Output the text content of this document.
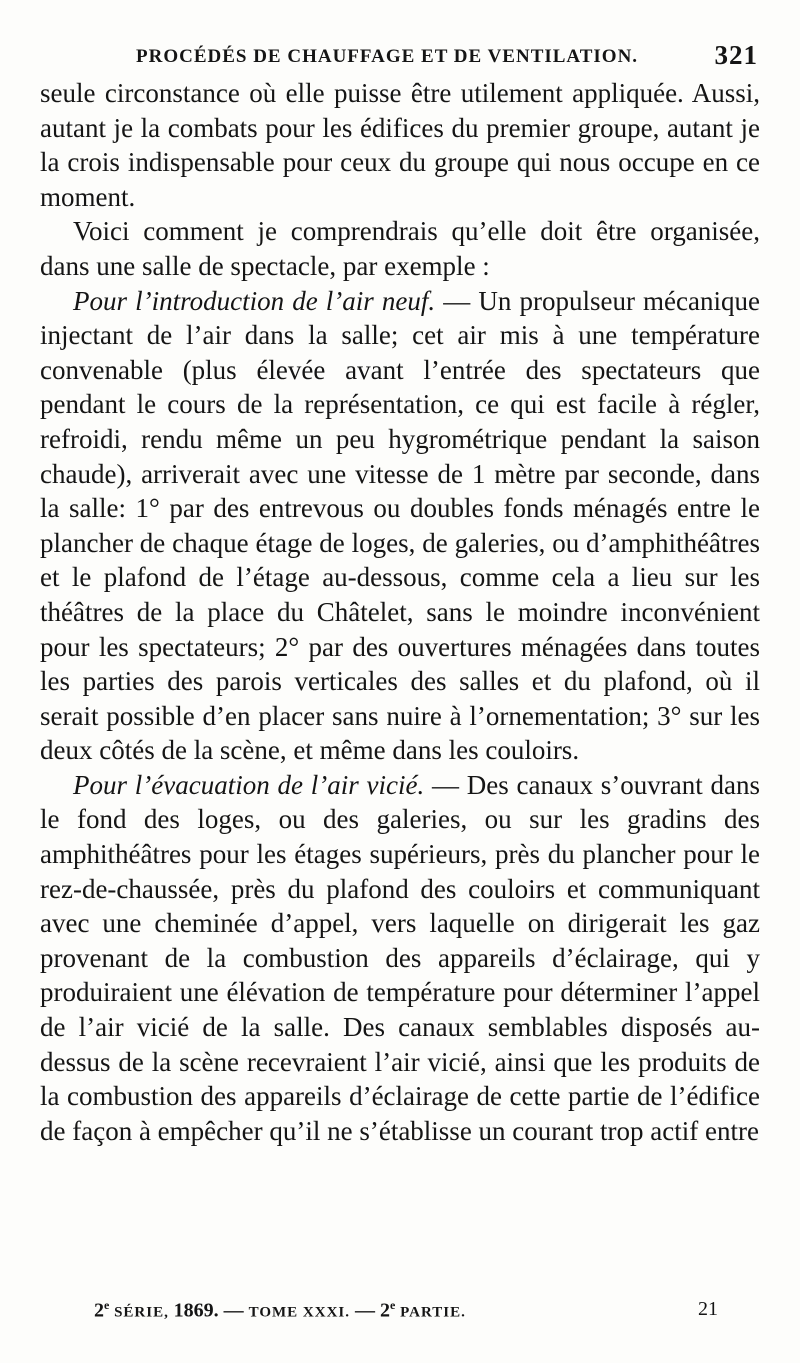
PROCÉDÉS DE CHAUFFAGE ET DE VENTILATION.	321

seule circonstance où elle puisse être utilement appliquée. Aussi, autant je la combats pour les édifices du premier groupe, autant je la crois indispensable pour ceux du groupe qui nous occupe en ce moment.

Voici comment je comprendrais qu’elle doit être organisée, dans une salle de spectacle, par exemple :

Pour l’introduction de l’air neuf. — Un propulseur mécanique injectant de l’air dans la salle; cet air mis à une température convenable (plus élevée avant l’entrée des spectateurs que pendant le cours de la représentation, ce qui est facile à régler, refroidi, rendu même un peu hygrométrique pendant la saison chaude), arriverait avec une vitesse de 1 mètre par seconde, dans la salle: 1° par des entrevous ou doubles fonds ménagés entre le plancher de chaque étage de loges, de galeries, ou d’amphithéâtres et le plafond de l’étage au-dessous, comme cela a lieu sur les théâtres de la place du Châtelet, sans le moindre inconvénient pour les spectateurs; 2° par des ouvertures ménagées dans toutes les parties des parois verticales des salles et du plafond, où il serait possible d’en placer sans nuire à l’ornementation; 3° sur les deux côtés de la scène, et même dans les couloirs.

Pour l’évacuation de l’air vicié. — Des canaux s’ouvrant dans le fond des loges, ou des galeries, ou sur les gradins des amphithéâtres pour les étages supérieurs, près du plancher pour le rez-de-chaussée, près du plafond des couloirs et communiquant avec une cheminée d’appel, vers laquelle on dirigerait les gaz provenant de la combustion des appareils d’éclairage, qui y produiraient une élévation de température pour déterminer l’appel de l’air vicié de la salle. Des canaux semblables disposés au-dessus de la scène recevraient l’air vicié, ainsi que les produits de la combustion des appareils d’éclairage de cette partie de l’édifice de façon à empêcher qu’il ne s’établisse un courant trop actif entre

2e SÉRIE, 1869. — TOME XXXI. — 2e PARTIE.	21
